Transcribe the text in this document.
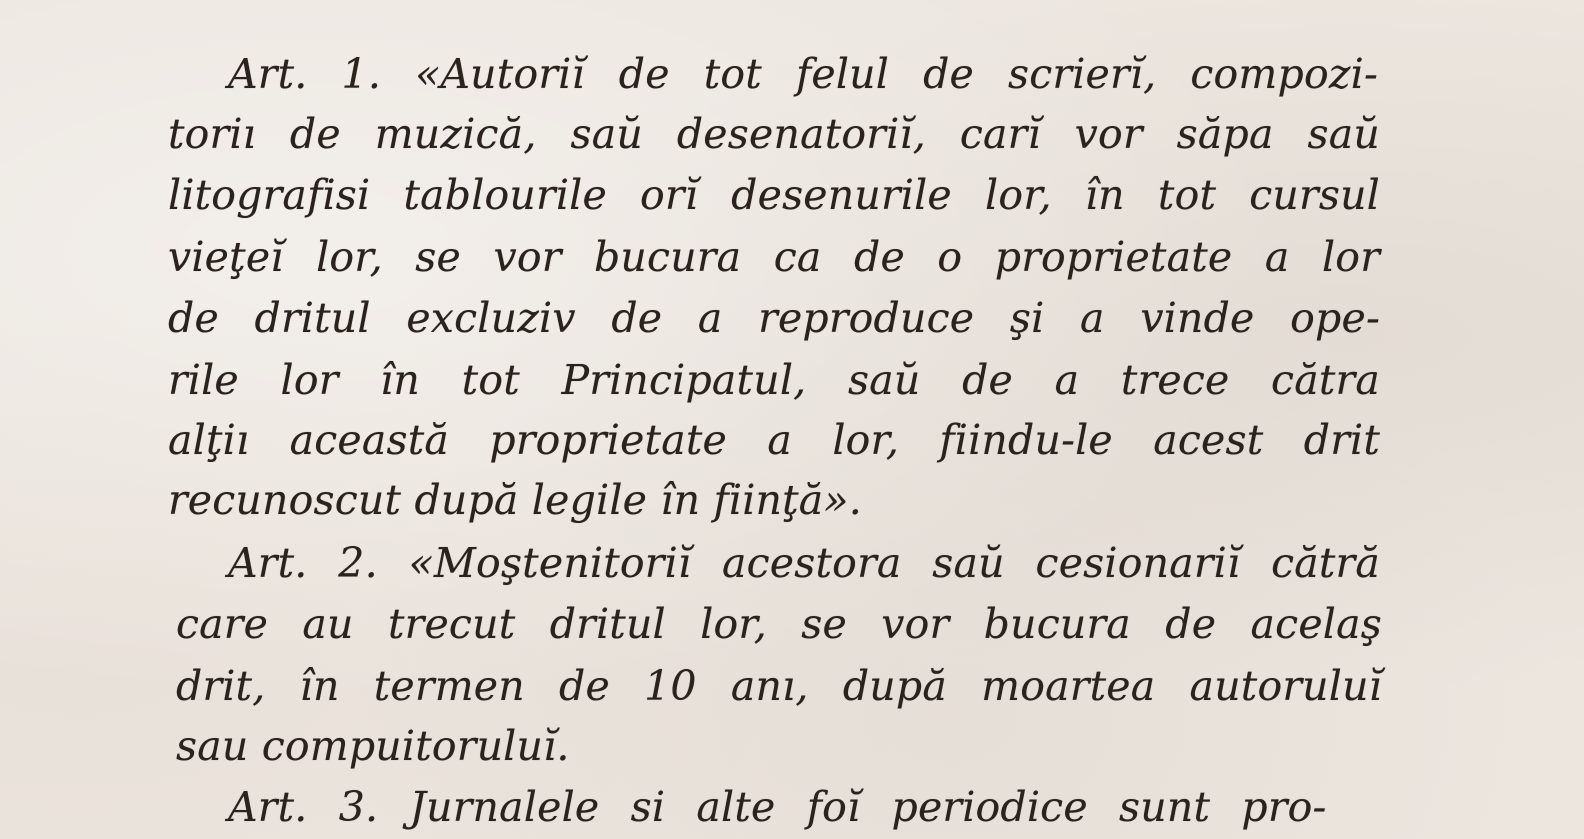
Art. 1. «Autoriĭ de tot felul de scrierĭ, compozi-
toriı de muzică, saŭ desenatoriĭ, carĭ vor săpa saŭ
litografisi tablourile orĭ desenurile lor, în tot cursul
vieţeĭ lor, se vor bucura ca de o proprietate a lor
de dritul excluziv de a reproduce şi a vinde ope-
rile lor în tot Principatul, saŭ de a trece cătra
alţiı această proprietate a lor, fiindu-le acest drit
recunoscut după legile în fiinţă».
Art. 2. «Moştenitoriĭ acestora saŭ cesionariĭ cătră
care au trecut dritul lor, se vor bucura de acelaş
drit, în termen de 10 anı, după moartea autoruluĭ
sau compuitoruluĭ.
Art. 3. Jurnalele si alte foĭ periodice sunt pro-
